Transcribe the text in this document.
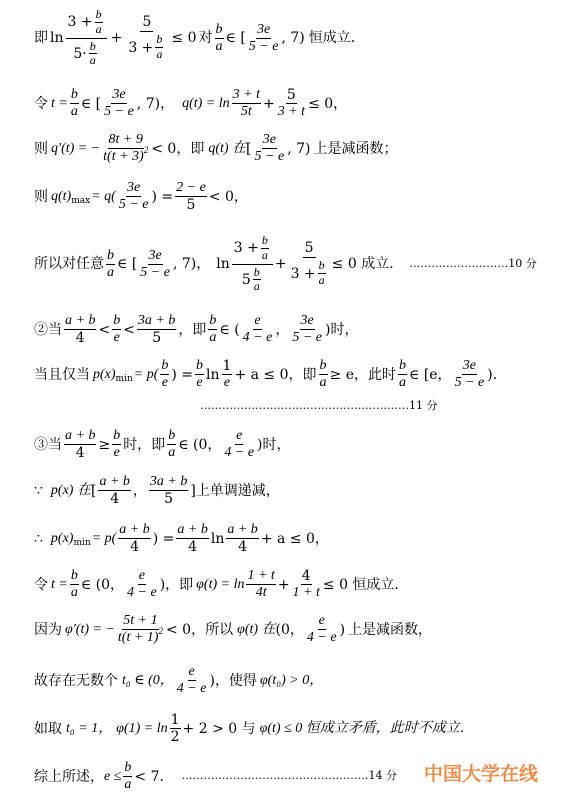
即 $\ln \frac{3 + \frac{b}{a}}{5\cdot \frac{b}{a}} + \frac{5}{3 + \frac{b}{a}} \le 0$ 对 $\frac{b}{a}$ ∈ [ $\frac{3e}{5 - e}$ , 7) 恒成立．
令 $t = \frac{b}{a}$ ∈ [ $\frac{3e}{5 - e}$ , 7) ， $q(t) = \ln \frac{3 + t}{5t} + \frac{5}{3 + t} \le 0$，
则 q′(t) = − $\frac{8t + 9}{t(t + 3)^2} < 0$，即 q(t) 在 [ $\frac{3e}{5 - e}$ , 7) 上是减函数；
则 q(t) $\max = q( \frac{3e}{5 - e}$ ) = $\frac{2 - e}{5} < 0$，
所以对任意 $\frac{b}{a}$ ∈ [ $\frac{3e}{5 - e}$ , 7) ， $\ln \frac{3 + \frac{b}{a}}{5 \frac{b}{a}} + \frac{5}{3 + \frac{b}{a}} \le 0$ 成立． ………………………10 分
②当 $\frac{a + b}{4} < \frac{b}{e} < \frac{3a + b}{5}$ ，即 $\frac{b}{a}$ ∈ ( $\frac{e}{4 - e}$ ， $\frac{3e}{5 - e}$ ) 时，
当且仅当 p(x) $\min = p( \frac{b}{e}$ ) = $\frac{b}{e}$ $\ln \frac{1}{e} + a \le 0$，即 $\frac{b}{a} \ge e$，此时 $\frac{b}{a}$ ∈ [e， $\frac{3e}{5 - e}$ ) ．
…………………………………………………11 分
③当 $\frac{a + b}{4} \ge \frac{b}{e}$ 时，即 $\frac{b}{a}$ ∈ (0， $\frac{e}{4 - e}$ ) 时，
∵ p(x) 在 [ $\frac{a + b}{4}$ ， $\frac{3a + b}{5}$ ] 上单调递减，
∴ p(x) $\min = p( \frac{a + b}{4}$ ) = $\frac{a + b}{4}$ $\ln \frac{a + b}{4} + a \le 0$，
令 $t = \frac{b}{a}$ ∈ (0， $\frac{e}{4 - e}$ ) ，即 $\varphi(t) = \ln \frac{1 + t}{4t} + \frac{4}{1 + t} \le 0$ 恒成立．
因为 φ′(t) = − $\frac{5t + 1}{t(t + 1)^2} < 0$，所以 φ(t) 在 (0， $\frac{e}{4 - e}$ ) 上是减函数，
故存在无数个 t₀ ∈ (0， $\frac{e}{4 - e}$ ) ，使得 φ(t₀) > 0，
如取 t₀ = 1， $\varphi(1) = \ln \frac{1}{2} + 2 > 0$ 与 φ(t) ≤ 0 恒成立矛盾，此时不成立．
综上所述， $e \le \frac{b}{a} < 7$． ……………………………………………14 分 中国大学在线
